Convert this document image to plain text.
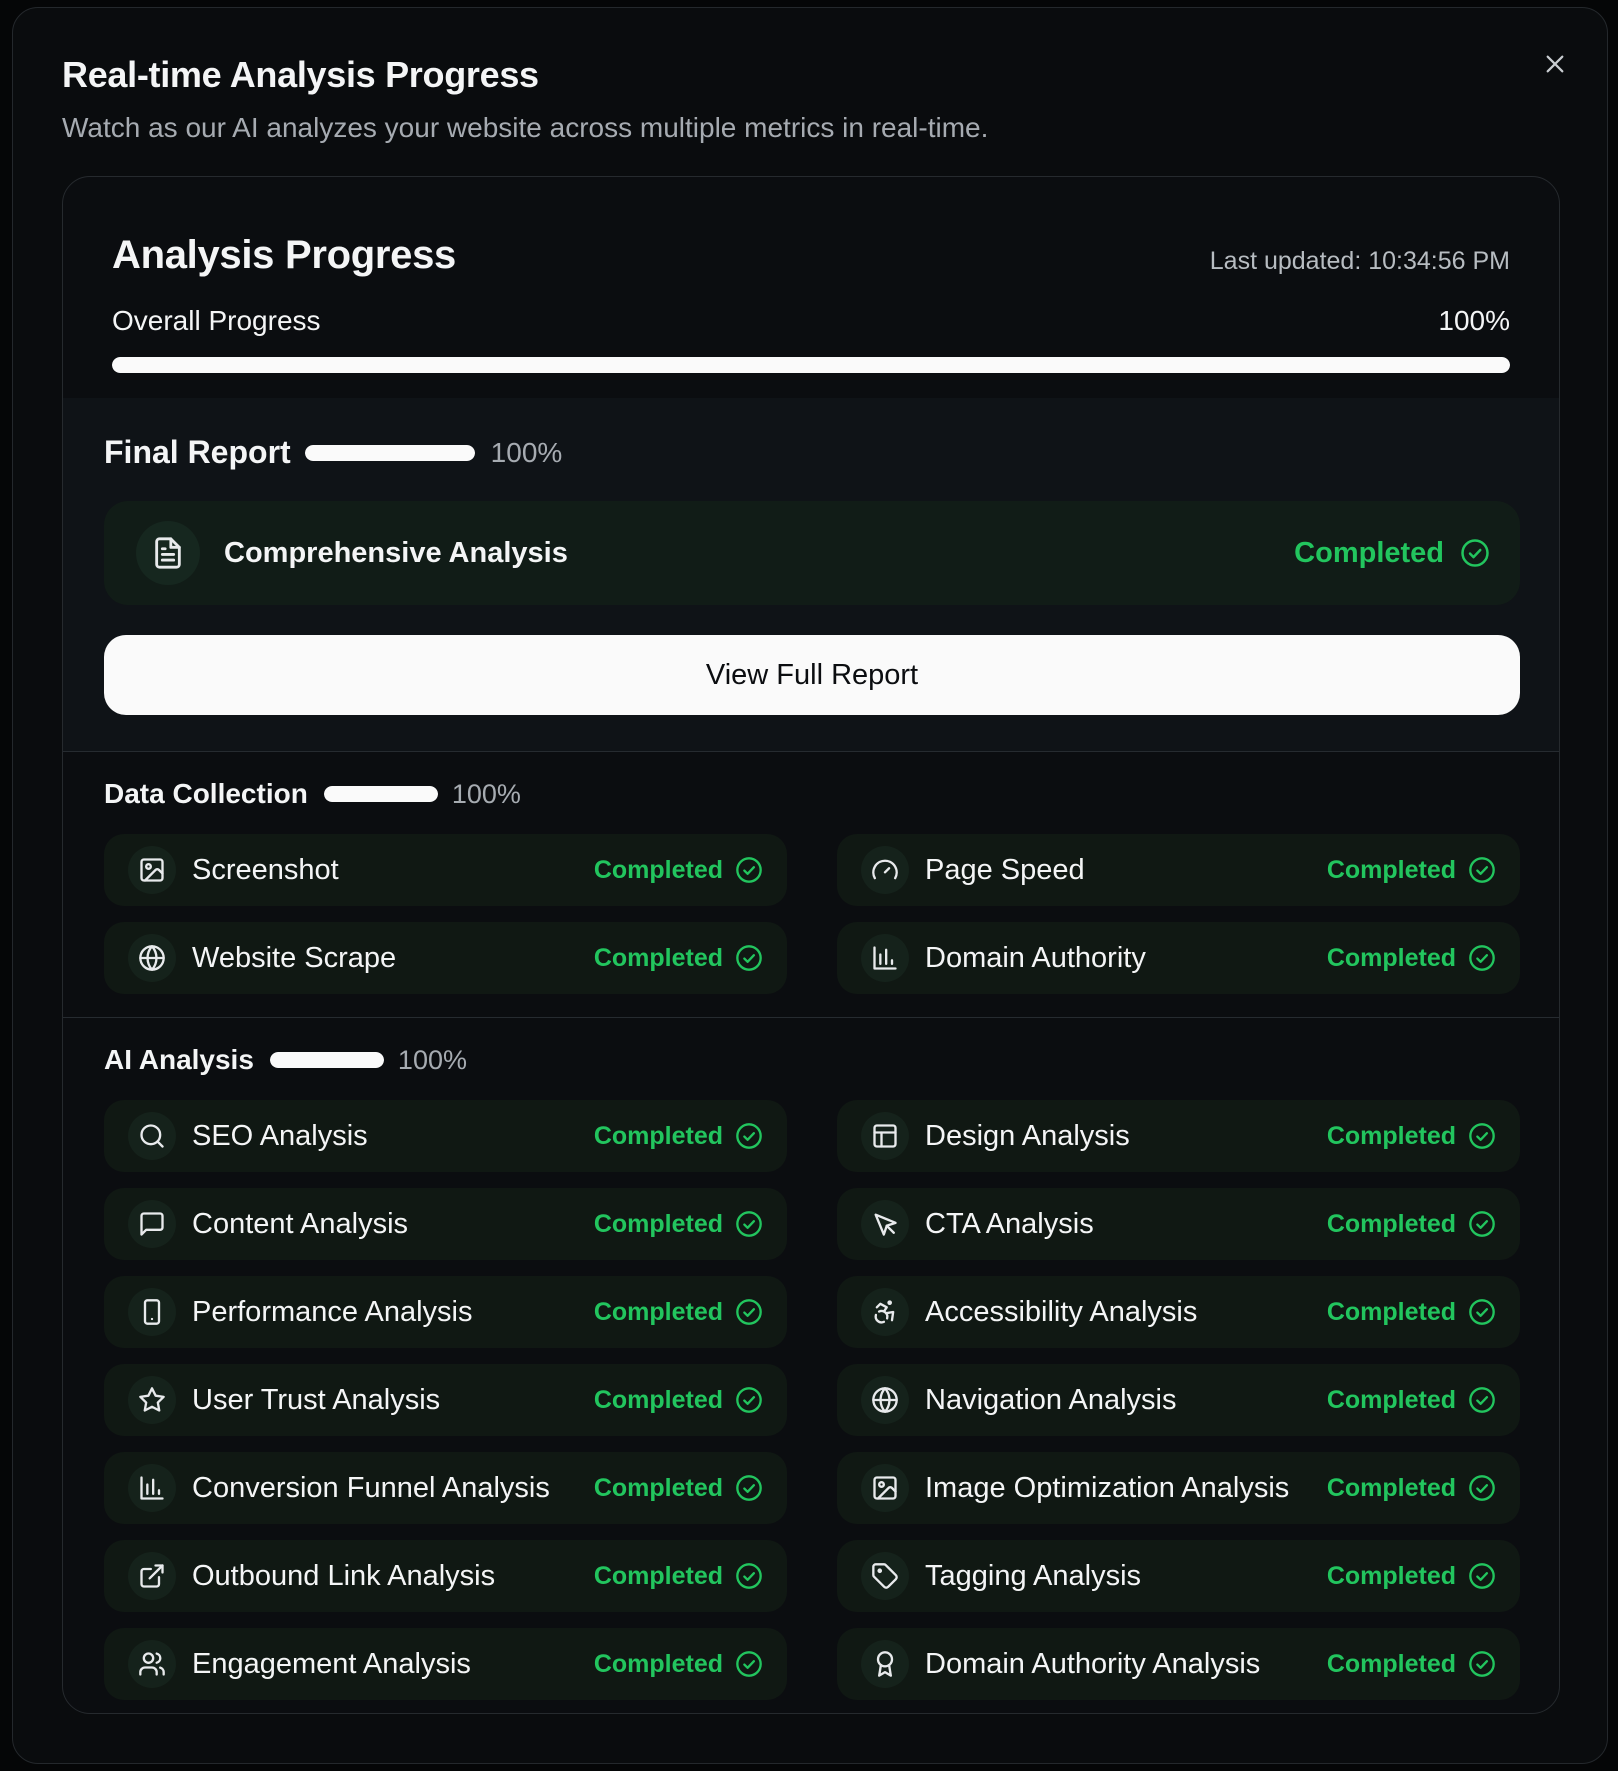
Real-time Analysis Progress
Watch as our AI analyzes your website across multiple metrics in real-time.
Analysis Progress	Last updated: 10:34:56 PM
Overall Progress	100%
Final Report	100%
Comprehensive Analysis	Completed
View Full Report
Data Collection	100%
Screenshot	Completed	Page Speed	Completed
Website Scrape	Completed	Domain Authority	Completed
AI Analysis	100%
SEO Analysis	Completed	Design Analysis	Completed
Content Analysis	Completed	CTA Analysis	Completed
Performance Analysis	Completed	Accessibility Analysis	Completed
User Trust Analysis	Completed	Navigation Analysis	Completed
Conversion Funnel Analysis Completed	Image Optimization Analysis Completed
Outbound Link Analysis	Completed	Tagging Analysis	Completed
Engagement Analysis	Completed	Domain Authority Analysis	Completed
